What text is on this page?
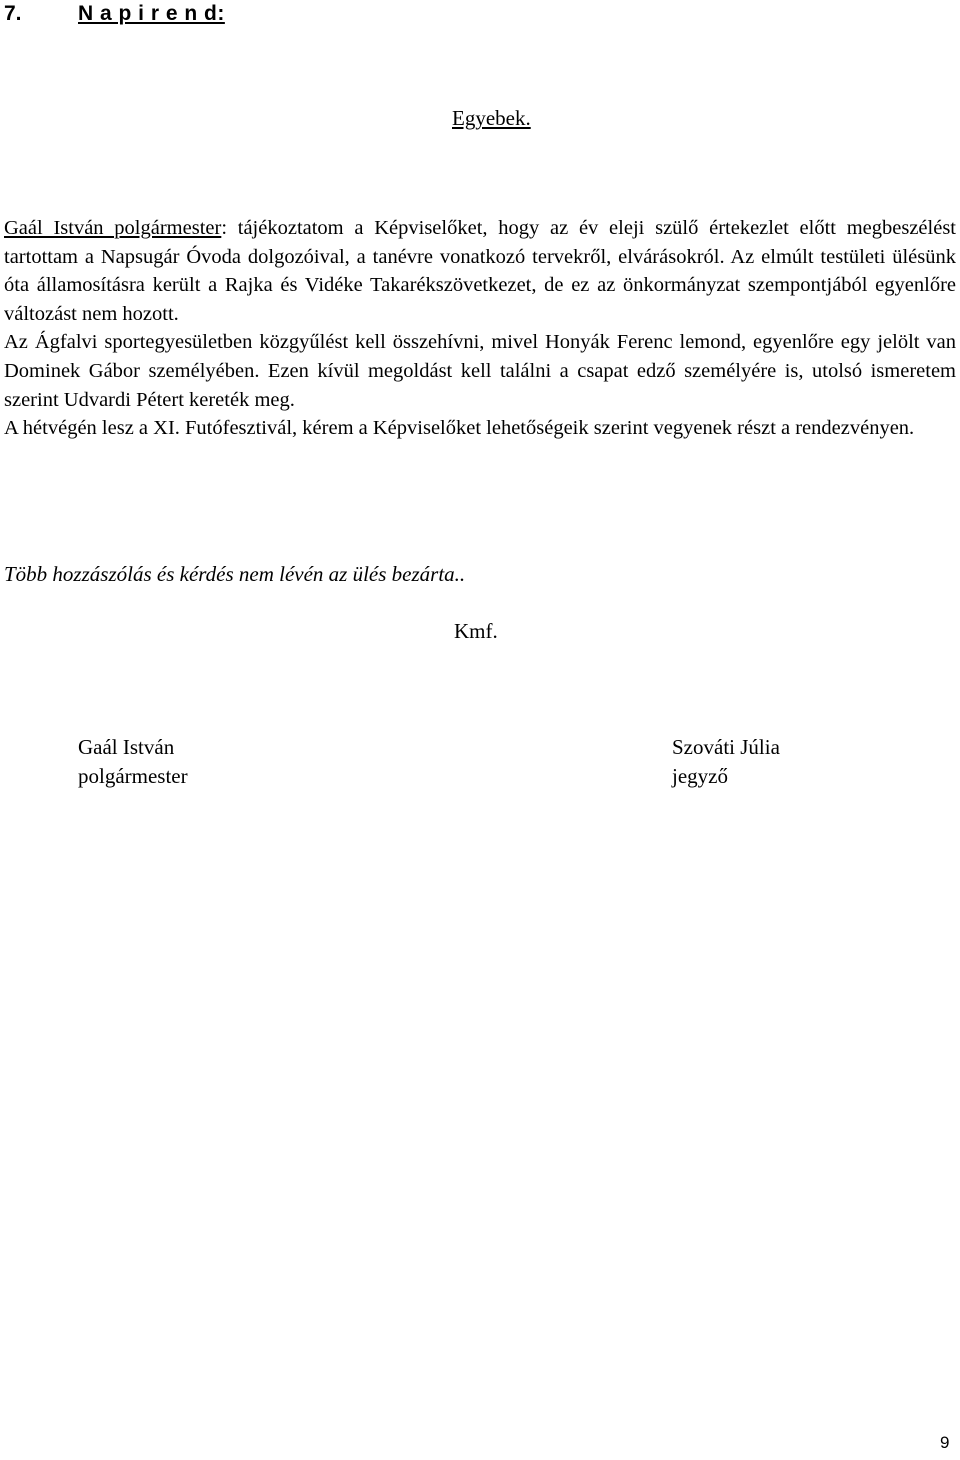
7.	N a p i r e n d:
Egyebek.

Gaál István polgármester: tájékoztatom a Képviselőket, hogy az év eleji szülő értekezlet előtt megbeszélést tartottam a Napsugár Óvoda dolgozóival, a tanévre vonatkozó tervekről, elvárásokról. Az elmúlt testületi ülésünk óta államosításra került a Rajka és Vidéke Takarékszövetkezet, de ez az önkormányzat szempontjából egyenlőre változást nem hozott.

Az Ágfalvi sportegyesületben közgyűlést kell összehívni, mivel Honyák Ferenc lemond, egyenlőre egy jelölt van Dominek Gábor személyében. Ezen kívül megoldást kell találni a csapat edző személyére is, utolsó ismeretem szerint Udvardi Pétert kereték meg.

A hétvégén lesz a XI. Futófesztivál, kérem a Képviselőket lehetőségeik szerint vegyenek részt a rendezvényen.

Több hozzászólás és kérdés nem lévén az ülés bezárta..
Kmf.
Gaál István
polgármester
Szováti Júlia
jegyző
9
